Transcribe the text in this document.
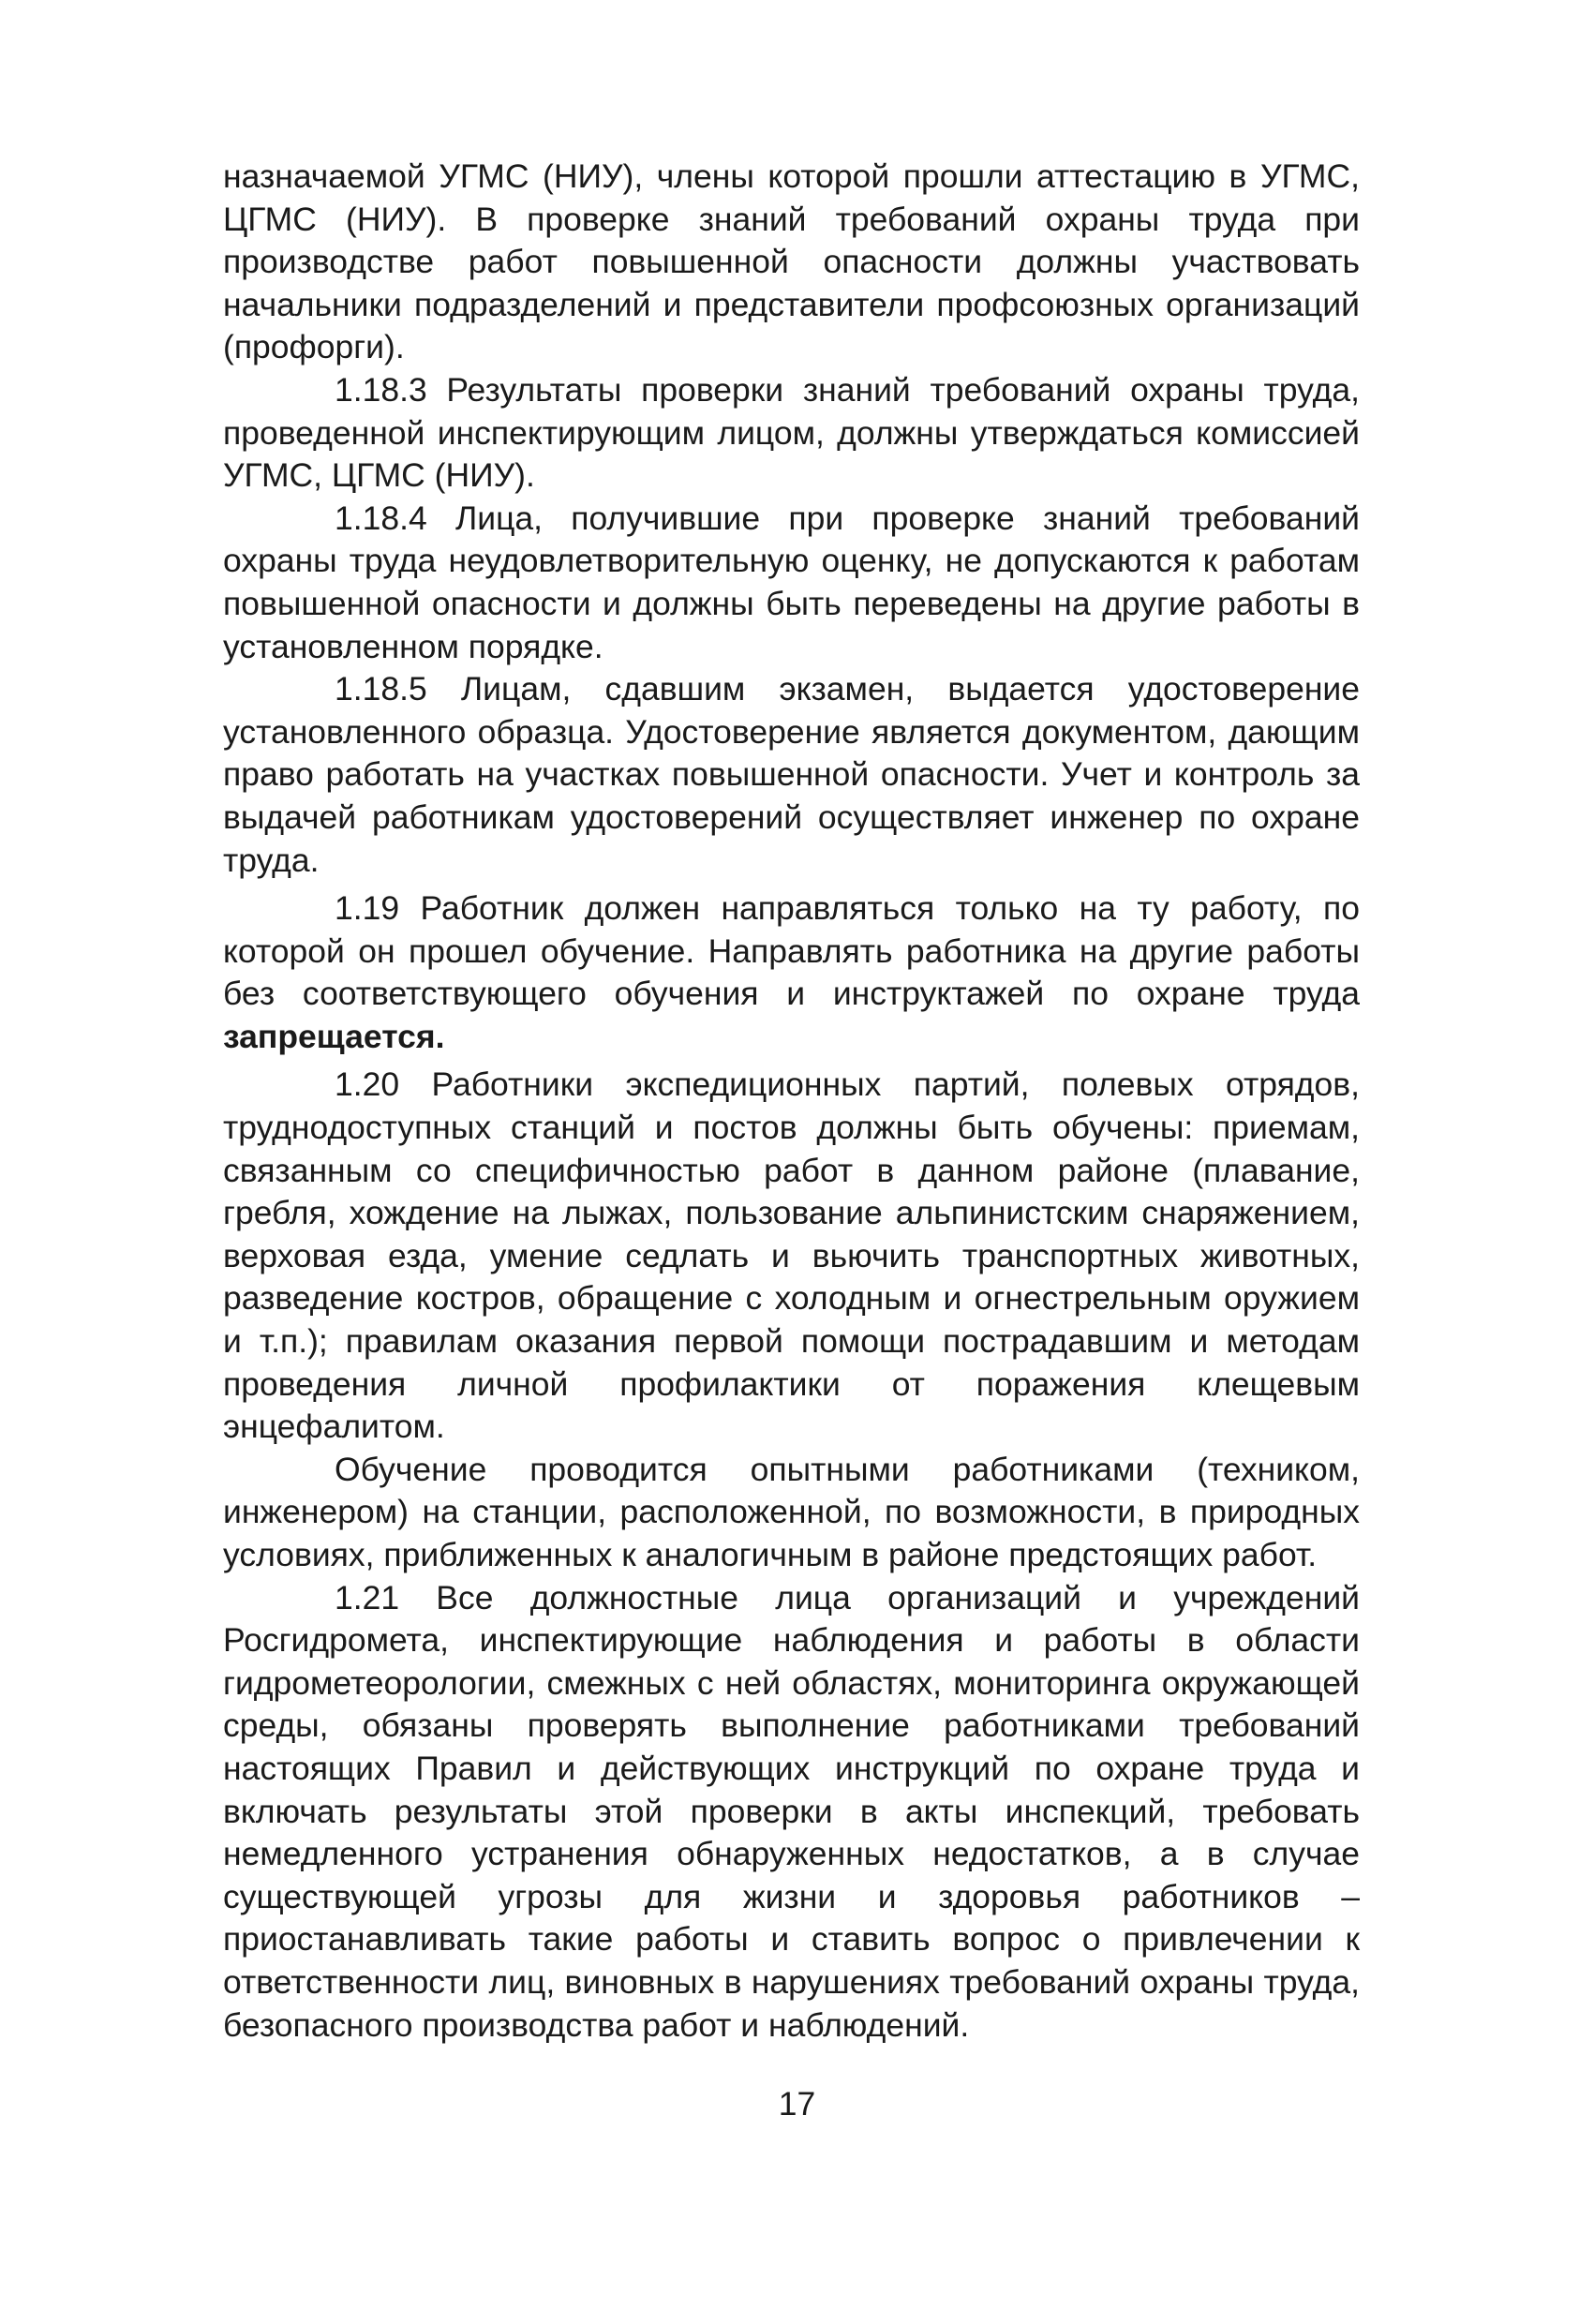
назначаемой УГМС (НИУ), члены которой прошли аттестацию в УГМС, ЦГМС (НИУ). В проверке знаний требований охраны труда при производстве работ повышенной опасности должны участвовать начальники подразделений и представители профсоюзных организаций (профорги).

1.18.3 Результаты проверки знаний требований охраны труда, проведенной инспектирующим лицом, должны утверждаться комиссией УГМС, ЦГМС (НИУ).

1.18.4 Лица, получившие при проверке знаний требований охраны труда неудовлетворительную оценку, не допускаются к работам повышенной опасности и должны быть переведены на другие работы в установленном порядке.

1.18.5 Лицам, сдавшим экзамен, выдается удостоверение установленного образца. Удостоверение является документом, дающим право работать на участках повышенной опасности. Учет и контроль за выдачей работникам удостоверений осуществляет инженер по охране труда.

1.19 Работник должен направляться только на ту работу, по которой он прошел обучение. Направлять работника на другие работы без соответствующего обучения и инструктажей по охране труда запрещается.

1.20 Работники экспедиционных партий, полевых отрядов, труднодоступных станций и постов должны быть обучены: приемам, связанным со специфичностью работ в данном районе (плавание, гребля, хождение на лыжах, пользование альпинистским снаряжением, верховая езда, умение седлать и вьючить транспортных животных, разведение костров, обращение с холодным и огнестрельным оружием и т.п.); правилам оказания первой помощи пострадавшим и методам проведения личной профилактики от поражения клещевым энцефалитом.

Обучение проводится опытными работниками (техником, инженером) на станции, расположенной, по возможности, в природных условиях, приближенных к аналогичным в районе предстоящих работ.

1.21 Все должностные лица организаций и учреждений Росгидромета, инспектирующие наблюдения и работы в области гидрометеорологии, смежных с ней областях, мониторинга окружающей среды, обязаны проверять выполнение работниками требований настоящих Правил и действующих инструкций по охране труда и включать результаты этой проверки в акты инспекций, требовать немедленного устранения обнаруженных недостатков, а в случае существующей угрозы для жизни и здоровья работников – приостанавливать такие работы и ставить вопрос о привлечении к ответственности лиц, виновных в нарушениях требований охраны труда, безопасного производства работ и наблюдений.

17
